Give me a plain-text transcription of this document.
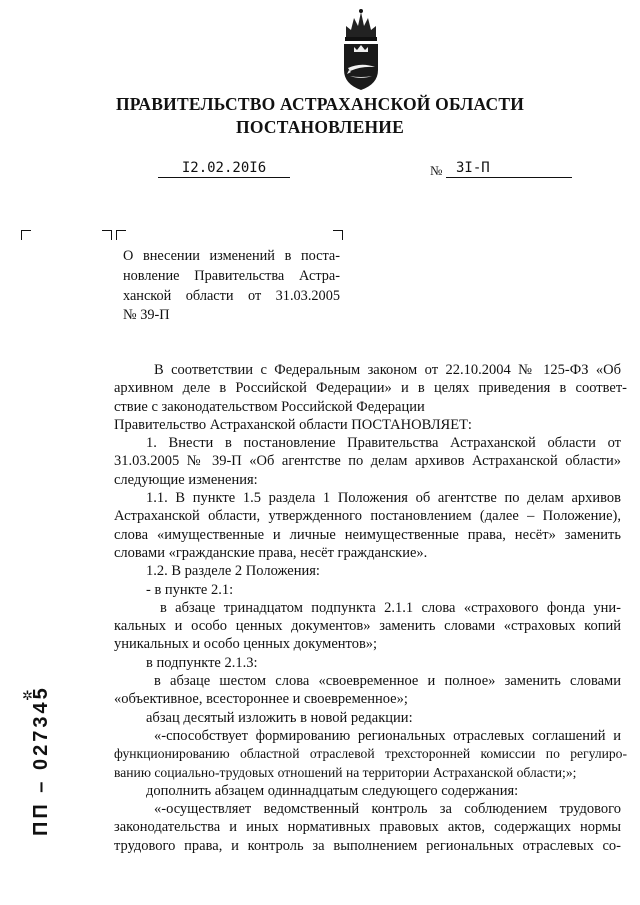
ПРАВИТЕЛЬСТВО АСТРАХАНСКОЙ ОБЛАСТИ
ПОСТАНОВЛЕНИЕ
I2.02.20I6	№ 3I-П
О внесении изменений в поста-
новление Правительства Астра-
ханской области от 31.03.2005
№ 39-П
В соответствии с Федеральным законом от 22.10.2004 № 125-ФЗ «Об
архивном деле в Российской Федерации» и в целях приведения в соответ-
ствие с законодательством Российской Федерации
Правительство Астраханской области ПОСТАНОВЛЯЕТ:
1. Внести в постановление Правительства Астраханской области от
31.03.2005 № 39-П «Об агентстве по делам архивов Астраханской области»
следующие изменения:
1.1. В пункте 1.5 раздела 1 Положения об агентстве по делам архивов
Астраханской области, утвержденного постановлением (далее – Положение),
слова «имущественные и личные неимущественные права, несёт» заменить
словами «гражданские права, несёт гражданские».
1.2. В разделе 2 Положения:
- в пункте 2.1:
в абзаце тринадцатом подпункта 2.1.1 слова «страхового фонда уни-
кальных и особо ценных документов» заменить словами «страховых копий
уникальных и особо ценных документов»;
в подпункте 2.1.3:
в абзаце шестом слова «своевременное и полное» заменить словами
«объективное, всестороннее и своевременное»;
абзац десятый изложить в новой редакции:
«-способствует формированию региональных отраслевых соглашений и
функционированию областной отраслевой трехсторонней комиссии по регулиро-
ванию социально-трудовых отношений на территории Астраханской области;»;
дополнить абзацем одиннадцатым следующего содержания:
«-осуществляет ведомственный контроль за соблюдением трудового
законодательства и иных нормативных правовых актов, содержащих нормы
трудового права, и контроль за выполнением региональных отраслевых со-
✲
ПП – 027345
